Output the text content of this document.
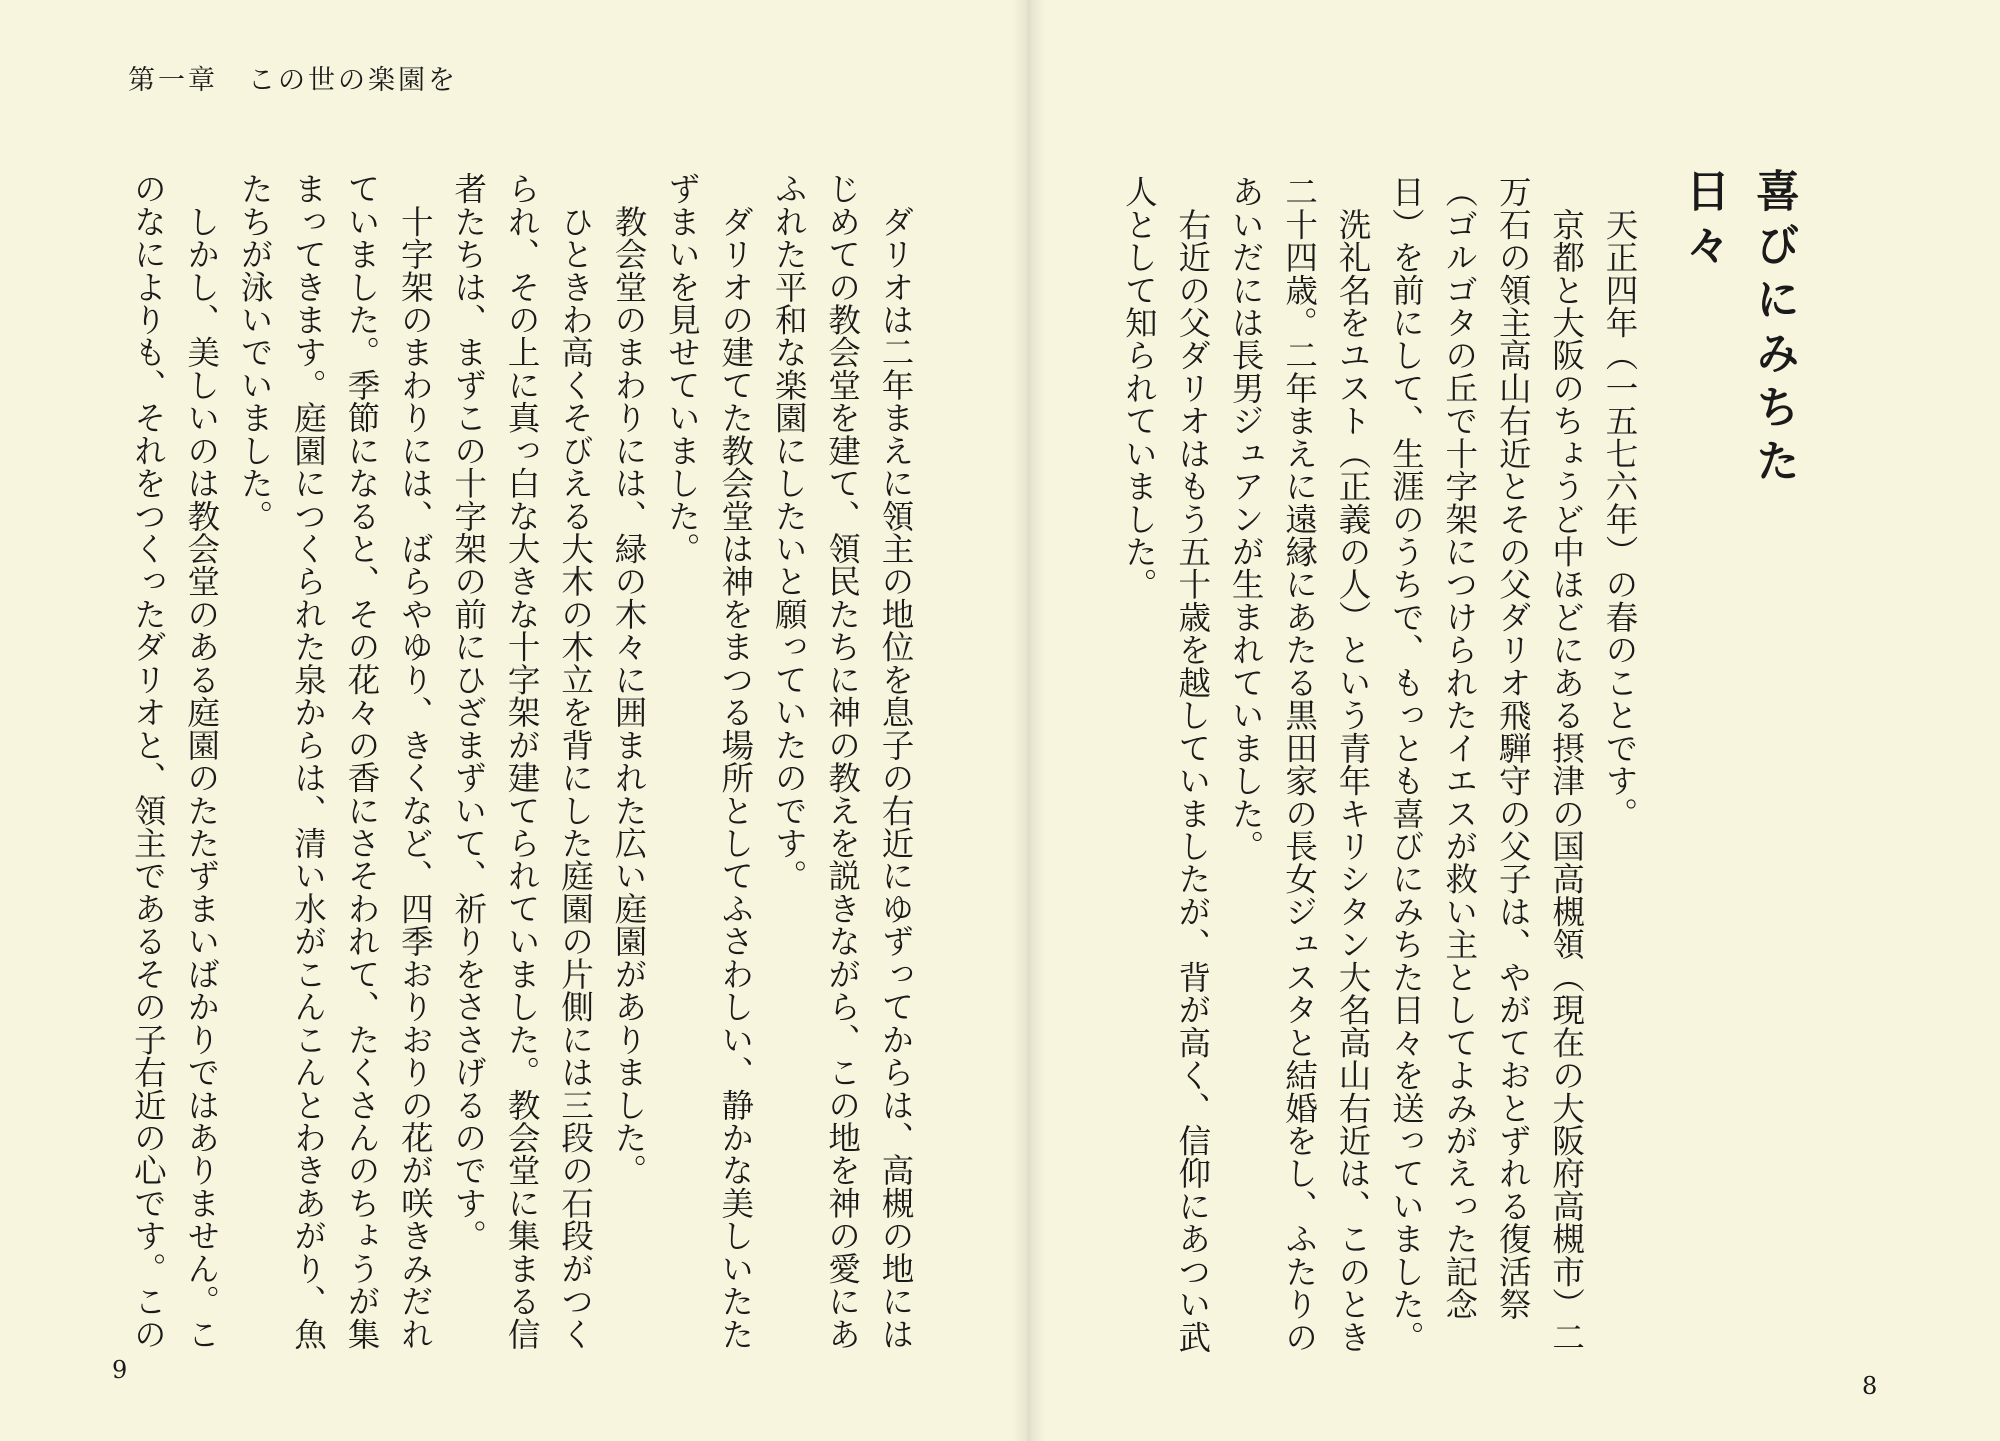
第一章　この世の楽園を

　ダリオは二年まえに領主の地位を息子の右近にゆずってからは、高槻の地にはじめての教会堂を建て、領民たちに神の教えを説きながら、この地を神の愛にあふれた平和な楽園にしたいと願っていたのです。

　ダリオの建てた教会堂は神をまつる場所としてふさわしい、静かな美しいたたずまいを見せていました。

　教会堂のまわりには、緑の木々に囲まれた広い庭園がありました。

　ひときわ高くそびえる大木の木立を背にした庭園の片側には三段の石段がつくられ、その上に真っ白な大きな十字架が建てられていました。教会堂に集まる信者たちは、まずこの十字架の前にひざまずいて、祈りをささげるのです。

　十字架のまわりには、ばらやゆり、きくなど、四季おりおりの花が咲きみだれていました。季節になると、その花々の香にさそわれて、たくさんのちょうが集まってきます。庭園につくられた泉からは、清い水がこんこんとわきあがり、魚たちが泳いでいました。

　しかし、美しいのは教会堂のある庭園のたたずまいばかりではありません。このなによりも、それをつくったダリオと、領主であるその子右近の心です。この

9
喜びにみちた日々

　天正四年（一五七六年）の春のことです。

　京都と大阪のちょうど中ほどにある摂津の国高槻領（現在の大阪府高槻市）二万石の領主高山右近とその父ダリオ飛騨守の父子は、やがておとずれる復活祭（ゴルゴタの丘で十字架につけられたイエスが救い主としてよみがえった記念日）を前にして、生涯のうちで、もっとも喜びにみちた日々を送っていました。

　洗礼名をユスト（正義の人）という青年キリシタン大名高山右近は、このとき二十四歳。二年まえに遠縁にあたる黒田家の長女ジュスタと結婚をし、ふたりのあいだには長男ジュアンが生まれていました。

　右近の父ダリオはもう五十歳を越していましたが、背が高く、信仰にあつい武人として知られていました。

8
